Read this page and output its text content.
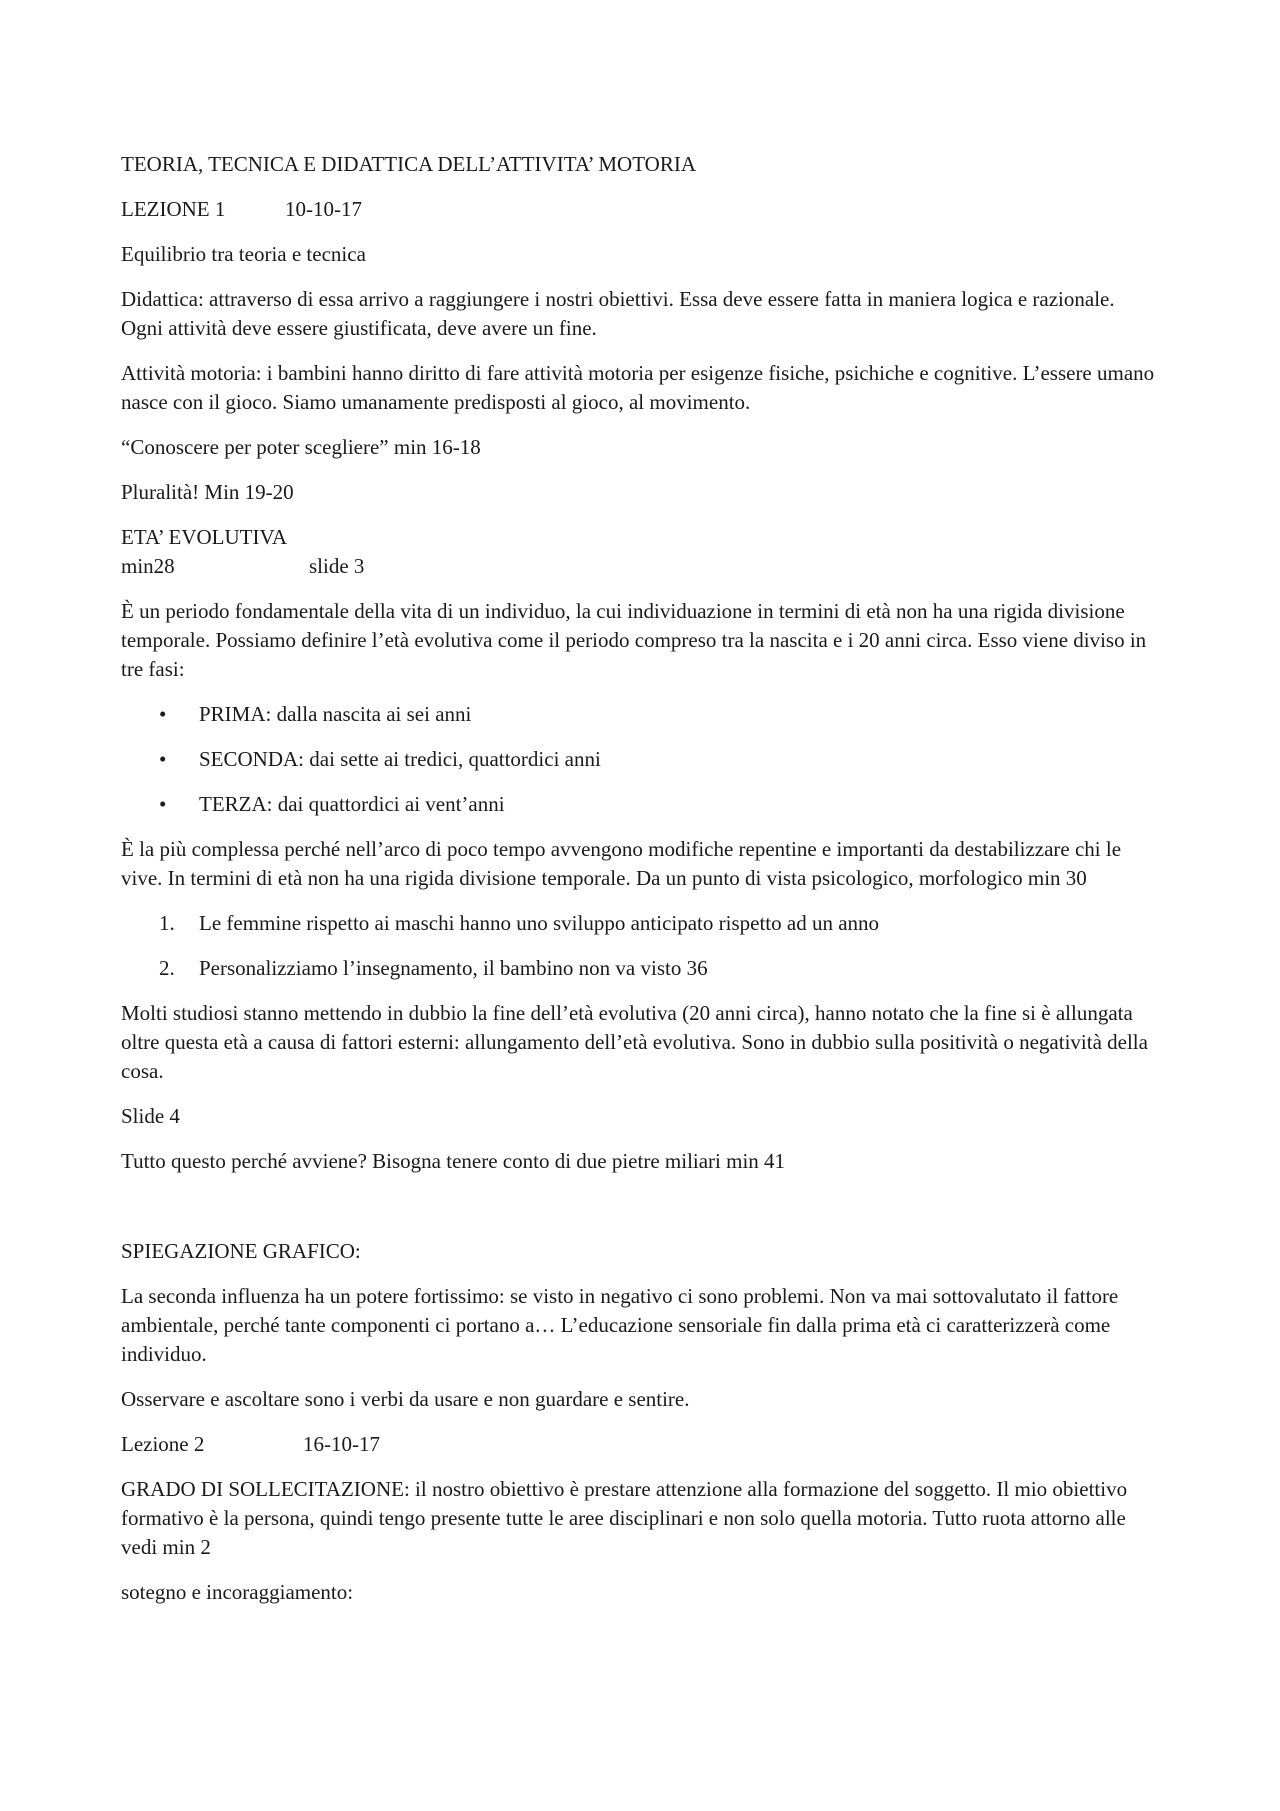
TEORIA, TECNICA E DIDATTICA DELL’ATTIVITA’ MOTORIA

LEZIONE 1	10-10-17

Equilibrio tra teoria e tecnica

Didattica: attraverso di essa arrivo a raggiungere i nostri obiettivi. Essa deve essere fatta in maniera logica e razionale. Ogni attività deve essere giustificata, deve avere un fine.

Attività motoria: i bambini hanno diritto di fare attività motoria per esigenze fisiche, psichiche e cognitive. L’essere umano nasce con il gioco. Siamo umanamente predisposti al gioco, al movimento.

“Conoscere per poter scegliere” min 16-18

Pluralità! Min 19-20

ETA’ EVOLUTIVA min28	slide 3

È un periodo fondamentale della vita di un individuo, la cui individuazione in termini di età non ha una rigida divisione temporale. Possiamo definire l’età evolutiva come il periodo compreso tra la nascita e i 20 anni circa. Esso viene diviso in tre fasi:

• PRIMA: dalla nascita ai sei anni
• SECONDA: dai sette ai tredici, quattordici anni
• TERZA: dai quattordici ai vent’anni

È la più complessa perché nell’arco di poco tempo avvengono modifiche repentine e importanti da destabilizzare chi le vive. In termini di età non ha una rigida divisione temporale. Da un punto di vista psicologico, morfologico min 30

1. Le femmine rispetto ai maschi hanno uno sviluppo anticipato rispetto ad un anno
2. Personalizziamo l’insegnamento, il bambino non va visto 36

Molti studiosi stanno mettendo in dubbio la fine dell’età evolutiva (20 anni circa), hanno notato che la fine si è allungata oltre questa età a causa di fattori esterni: allungamento dell’età evolutiva. Sono in dubbio sulla positività o negatività della cosa.

Slide 4

Tutto questo perché avviene? Bisogna tenere conto di due pietre miliari min 41

SPIEGAZIONE GRAFICO:

La seconda influenza ha un potere fortissimo: se visto in negativo ci sono problemi. Non va mai sottovalutato il fattore ambientale, perché tante componenti ci portano a… L’educazione sensoriale fin dalla prima età ci caratterizzerà come individuo.

Osservare e ascoltare sono i verbi da usare e non guardare e sentire.

Lezione 2	16-10-17

GRADO DI SOLLECITAZIONE: il nostro obiettivo è prestare attenzione alla formazione del soggetto. Il mio obiettivo formativo è la persona, quindi tengo presente tutte le aree disciplinari e non solo quella motoria. Tutto ruota attorno alle vedi min 2

sotegno e incoraggiamento:
